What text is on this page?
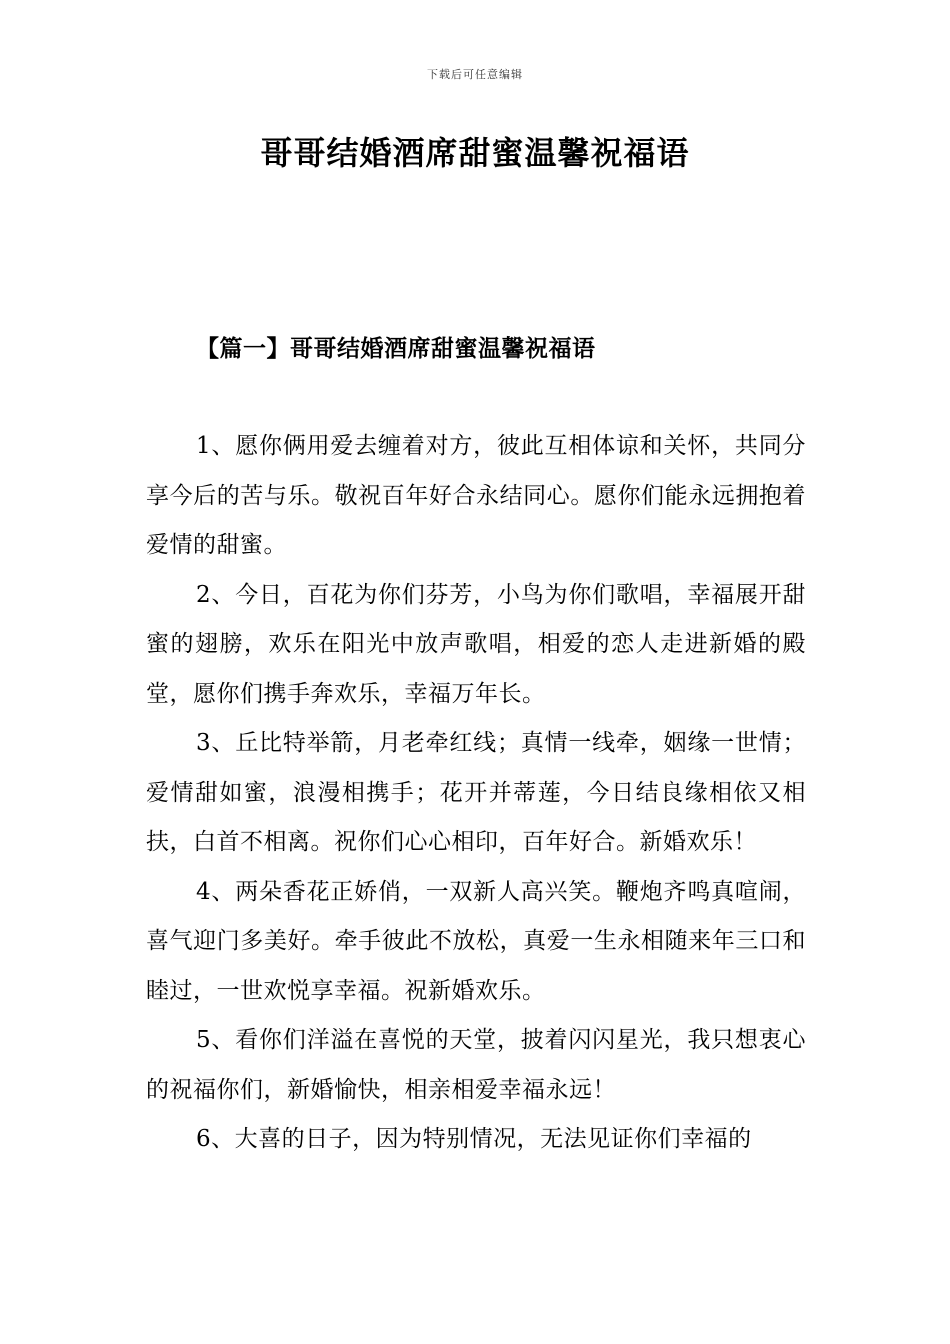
下载后可任意编辑
哥哥结婚酒席甜蜜温馨祝福语
【篇一】哥哥结婚酒席甜蜜温馨祝福语

1、愿你俩用爱去缠着对方，彼此互相体谅和关怀，共同分享今后的苦与乐。敬祝百年好合永结同心。愿你们能永远拥抱着爱情的甜蜜。

2、今日，百花为你们芬芳，小鸟为你们歌唱，幸福展开甜蜜的翅膀，欢乐在阳光中放声歌唱，相爱的恋人走进新婚的殿堂，愿你们携手奔欢乐，幸福万年长。

3、丘比特举箭，月老牵红线；真情一线牵，姻缘一世情；爱情甜如蜜，浪漫相携手；花开并蒂莲，今日结良缘相依又相扶，白首不相离。祝你们心心相印，百年好合。新婚欢乐！

4、两朵香花正娇俏，一双新人高兴笑。鞭炮齐鸣真喧闹，喜气迎门多美好。牵手彼此不放松，真爱一生永相随来年三口和睦过，一世欢悦享幸福。祝新婚欢乐。

5、看你们洋溢在喜悦的天堂，披着闪闪星光，我只想衷心的祝福你们，新婚愉快，相亲相爱幸福永远！

6、大喜的日子，因为特别情况，无法见证你们幸福的
